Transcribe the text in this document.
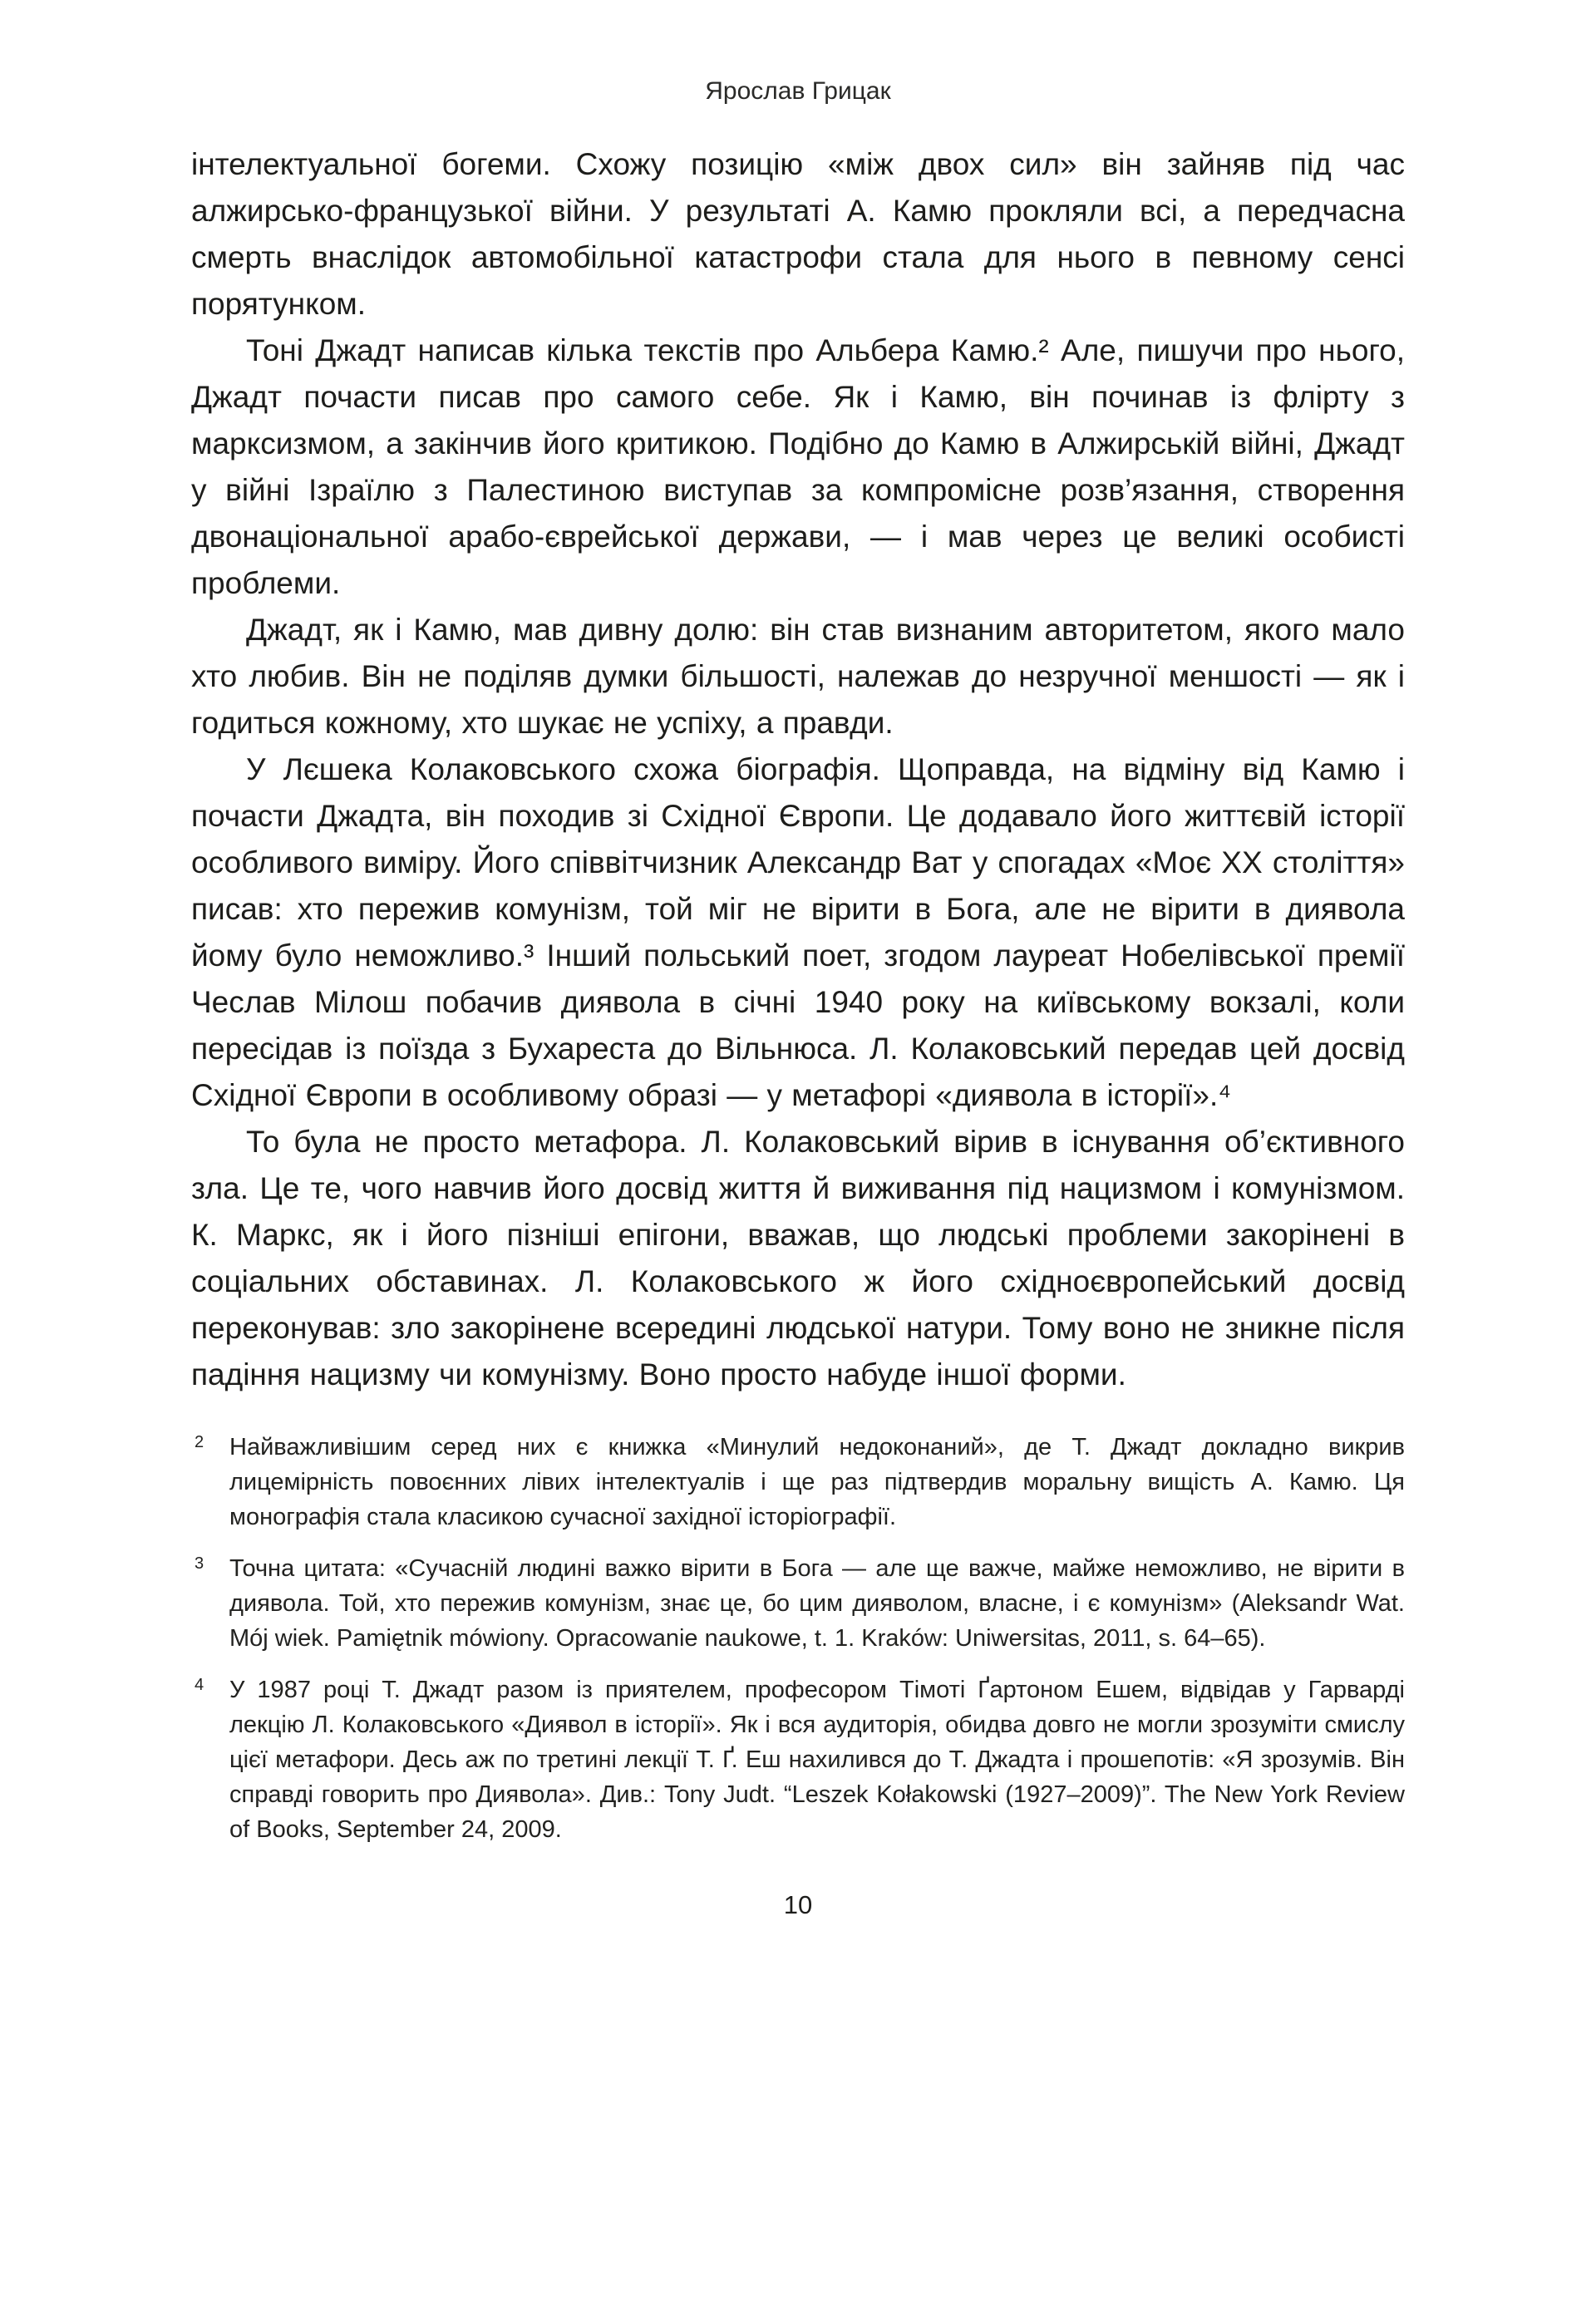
Ярослав Грицак

інтелектуальної богеми. Схожу позицію «між двох сил» він зайняв під час алжирсько-французької війни. У результаті А. Камю прокляли всі, а передчасна смерть внаслідок автомобільної катастрофи стала для нього в певному сенсі порятунком.

Тоні Джадт написав кілька текстів про Альбера Камю.² Але, пишучи про нього, Джадт почасти писав про самого себе. Як і Камю, він починав із флірту з марксизмом, а закінчив його критикою. Подібно до Камю в Алжирській війні, Джадт у війні Ізраїлю з Палестиною виступав за компромісне розв’язання, створення двонаціональної арабо-єврейської держави, — і мав через це великі особисті проблеми.

Джадт, як і Камю, мав дивну долю: він став визнаним авторитетом, якого мало хто любив. Він не поділяв думки більшості, належав до незручної меншості — як і годиться кожному, хто шукає не успіху, а правди.

У Лєшека Колаковського схожа біографія. Щоправда, на відміну від Камю і почасти Джадта, він походив зі Східної Європи. Це додавало його життєвій історії особливого виміру. Його співвітчизник Александр Ват у спогадах «Моє ХХ століття» писав: хто пережив комунізм, той міг не вірити в Бога, але не вірити в диявола йому було неможливо.³ Інший польський поет, згодом лауреат Нобелівської премії Чеслав Мілош побачив диявола в січні 1940 року на київському вокзалі, коли пересідав із поїзда з Бухареста до Вільнюса. Л. Колаковський передав цей досвід Східної Європи в особливому образі — у метафорі «диявола в історії».⁴

То була не просто метафора. Л. Колаковський вірив в існування об’єктивного зла. Це те, чого навчив його досвід життя й виживання під нацизмом і комунізмом. К. Маркс, як і його пізніші епігони, вважав, що людські проблеми закорінені в соціальних обставинах. Л. Колаковського ж його східноєвропейський досвід переконував: зло закорінене всередині людської натури. Тому воно не зникне після падіння нацизму чи комунізму. Воно просто набуде іншої форми.

2 Найважливішим серед них є книжка «Минулий недоконаний», де Т. Джадт докладно викрив лицемірність повоєнних лівих інтелектуалів і ще раз підтвердив моральну вищість А. Камю. Ця монографія стала класикою сучасної західної історіографії.
3 Точна цитата: «Сучасній людині важко вірити в Бога — але ще важче, майже неможливо, не вірити в диявола. Той, хто пережив комунізм, знає це, бо цим дияволом, власне, і є комунізм» (Aleksandr Wat. Mój wiek. Pamiętnik mówiony. Opracowanie naukowe, t. 1. Kraków: Uniwersitas, 2011, s. 64–65).
4 У 1987 році Т. Джадт разом із приятелем, професором Тімоті Ґартоном Ешем, відвідав у Гарварді лекцію Л. Колаковського «Диявол в історії». Як і вся аудиторія, обидва довго не могли зрозуміти смислу цієї метафори. Десь аж по третині лекції Т. Ґ. Еш нахилився до Т. Джадта і прошепотів: «Я зрозумів. Він справді говорить про Диявола». Див.: Tony Judt. “Leszek Kołakowski (1927–2009)”. The New York Review of Books, September 24, 2009.
10
